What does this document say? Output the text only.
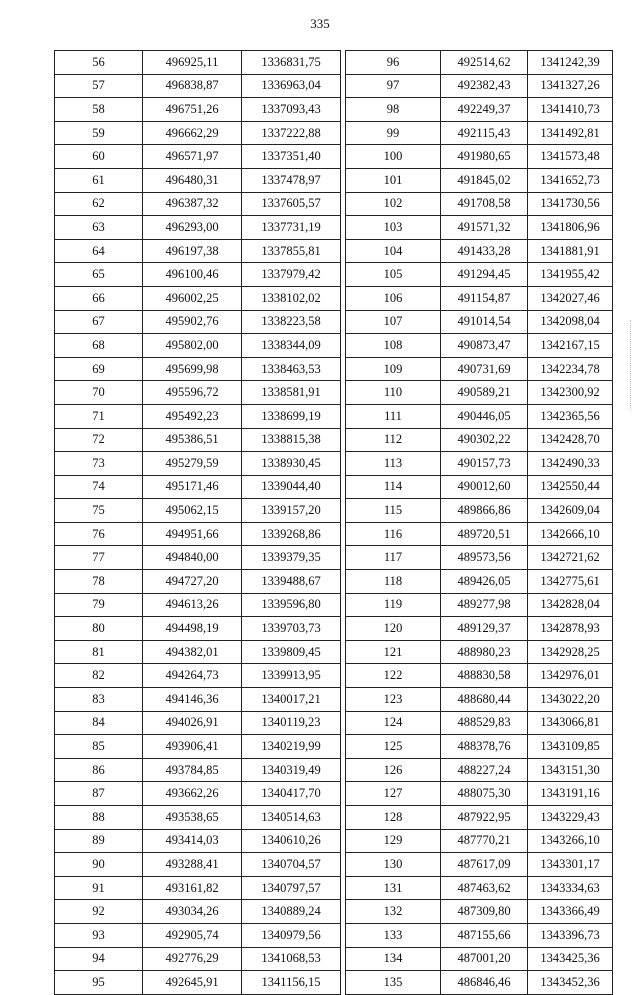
335
56	496925,11	1336831,75
57	496838,87	1336963,04
58	496751,26	1337093,43
59	496662,29	1337222,88
60	496571,97	1337351,40
61	496480,31	1337478,97
62	496387,32	1337605,57
63	496293,00	1337731,19
64	496197,38	1337855,81
65	496100,46	1337979,42
66	496002,25	1338102,02
67	495902,76	1338223,58
68	495802,00	1338344,09
69	495699,98	1338463,53
70	495596,72	1338581,91
71	495492,23	1338699,19
72	495386,51	1338815,38
73	495279,59	1338930,45
74	495171,46	1339044,40
75	495062,15	1339157,20
76	494951,66	1339268,86
77	494840,00	1339379,35
78	494727,20	1339488,67
79	494613,26	1339596,80
80	494498,19	1339703,73
81	494382,01	1339809,45
82	494264,73	1339913,95
83	494146,36	1340017,21
84	494026,91	1340119,23
85	493906,41	1340219,99
86	493784,85	1340319,49
87	493662,26	1340417,70
88	493538,65	1340514,63
89	493414,03	1340610,26
90	493288,41	1340704,57
91	493161,82	1340797,57
92	493034,26	1340889,24
93	492905,74	1340979,56
94	492776,29	1341068,53
95	492645,91	1341156,15
96	492514,62	1341242,39
97	492382,43	1341327,26
98	492249,37	1341410,73
99	492115,43	1341492,81
100	491980,65	1341573,48
101	491845,02	1341652,73
102	491708,58	1341730,56
103	491571,32	1341806,96
104	491433,28	1341881,91
105	491294,45	1341955,42
106	491154,87	1342027,46
107	491014,54	1342098,04
108	490873,47	1342167,15
109	490731,69	1342234,78
110	490589,21	1342300,92
111	490446,05	1342365,56
112	490302,22	1342428,70
113	490157,73	1342490,33
114	490012,60	1342550,44
115	489866,86	1342609,04
116	489720,51	1342666,10
117	489573,56	1342721,62
118	489426,05	1342775,61
119	489277,98	1342828,04
120	489129,37	1342878,93
121	488980,23	1342928,25
122	488830,58	1342976,01
123	488680,44	1343022,20
124	488529,83	1343066,81
125	488378,76	1343109,85
126	488227,24	1343151,30
127	488075,30	1343191,16
128	487922,95	1343229,43
129	487770,21	1343266,10
130	487617,09	1343301,17
131	487463,62	1343334,63
132	487309,80	1343366,49
133	487155,66	1343396,73
134	487001,20	1343425,36
135	486846,46	1343452,36
